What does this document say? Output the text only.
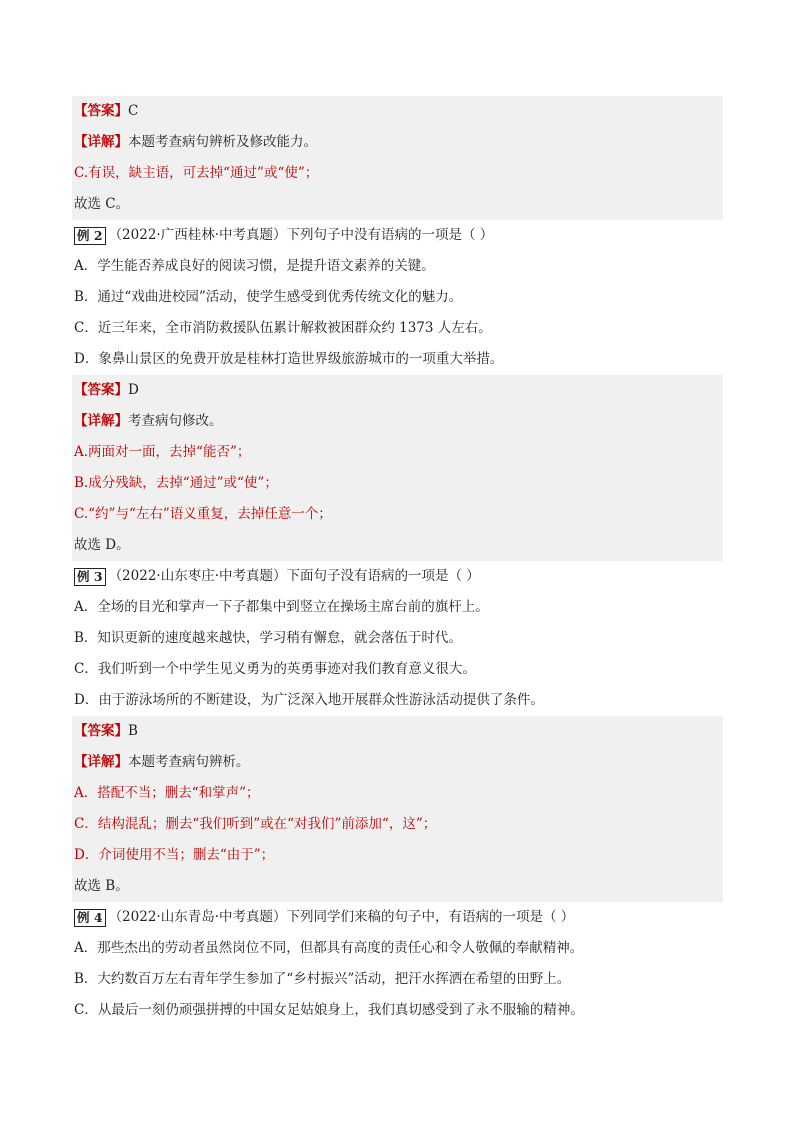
【答案】C
【详解】本题考查病句辨析及修改能力。
C.有误，缺主语，可去掉“通过”或“使”；
故选 C。
例 2 （2022·广西桂林·中考真题）下列句子中没有语病的一项是（ ）
A．学生能否养成良好的阅读习惯，是提升语文素养的关键。
B．通过“戏曲进校园”活动，使学生感受到优秀传统文化的魅力。
C．近三年来，全市消防救援队伍累计解救被困群众约 1373 人左右。
D．象鼻山景区的免费开放是桂林打造世界级旅游城市的一项重大举措。
【答案】D
【详解】考查病句修改。
A.两面对一面，去掉“能否”；
B.成分残缺，去掉“通过”或“使”；
C.“约”与“左右”语义重复，去掉任意一个；
故选 D。
例 3 （2022·山东枣庄·中考真题）下面句子没有语病的一项是（ ）
A．全场的目光和掌声一下子都集中到竖立在操场主席台前的旗杆上。
B．知识更新的速度越来越快，学习稍有懈怠，就会落伍于时代。
C．我们听到一个中学生见义勇为的英勇事迹对我们教育意义很大。
D．由于游泳场所的不断建设，为广泛深入地开展群众性游泳活动提供了条件。
【答案】B
【详解】本题考查病句辨析。
A．搭配不当；删去“和掌声”；
C．结构混乱；删去“我们听到”或在“对我们”前添加“，这”；
D．介词使用不当；删去“由于”；
故选 B。
例 4 （2022·山东青岛·中考真题）下列同学们来稿的句子中，有语病的一项是（ ）
A．那些杰出的劳动者虽然岗位不同，但都具有高度的责任心和令人敬佩的奉献精神。
B．大约数百万左右青年学生参加了“乡村振兴”活动，把汗水挥洒在希望的田野上。
C．从最后一刻仍顽强拼搏的中国女足姑娘身上，我们真切感受到了永不服输的精神。
